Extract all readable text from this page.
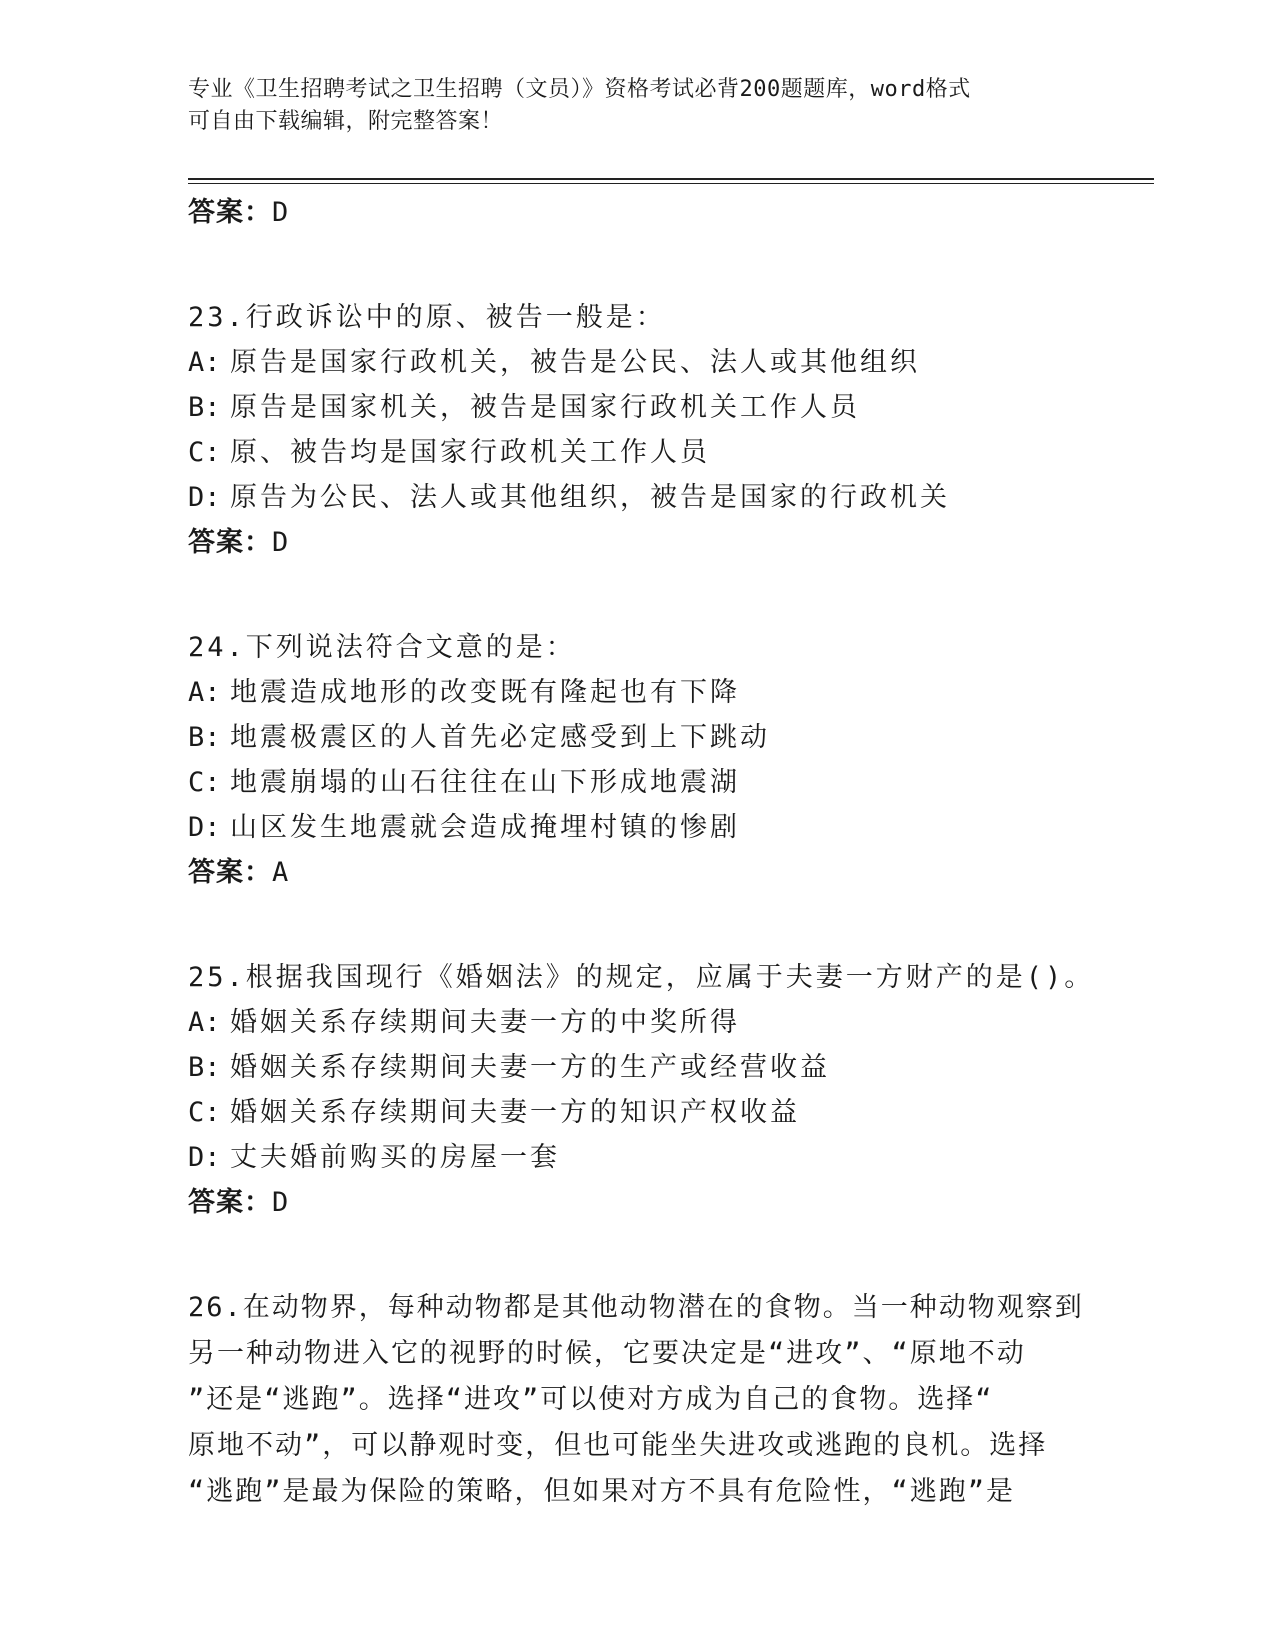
专业《卫生招聘考试之卫生招聘（文员）》资格考试必背200题题库，word格式
可自由下载编辑，附完整答案！
答案：D
23.行政诉讼中的原、被告一般是：
A: 原告是国家行政机关，被告是公民、法人或其他组织
B: 原告是国家机关，被告是国家行政机关工作人员
C: 原、被告均是国家行政机关工作人员
D: 原告为公民、法人或其他组织，被告是国家的行政机关
答案：D
24.下列说法符合文意的是：
A: 地震造成地形的改变既有隆起也有下降
B: 地震极震区的人首先必定感受到上下跳动
C: 地震崩塌的山石往往在山下形成地震湖
D: 山区发生地震就会造成掩埋村镇的惨剧
答案：A
25.根据我国现行《婚姻法》的规定，应属于夫妻一方财产的是()。
A: 婚姻关系存续期间夫妻一方的中奖所得
B: 婚姻关系存续期间夫妻一方的生产或经营收益
C: 婚姻关系存续期间夫妻一方的知识产权收益
D: 丈夫婚前购买的房屋一套
答案：D
26.在动物界，每种动物都是其他动物潜在的食物。当一种动物观察到
另一种动物进入它的视野的时候，它要决定是“进攻”、“原地不动
”还是“逃跑”。选择“进攻”可以使对方成为自己的食物。选择“
原地不动”，可以静观时变，但也可能坐失进攻或逃跑的良机。选择
“逃跑”是最为保险的策略，但如果对方不具有危险性，“逃跑”是
